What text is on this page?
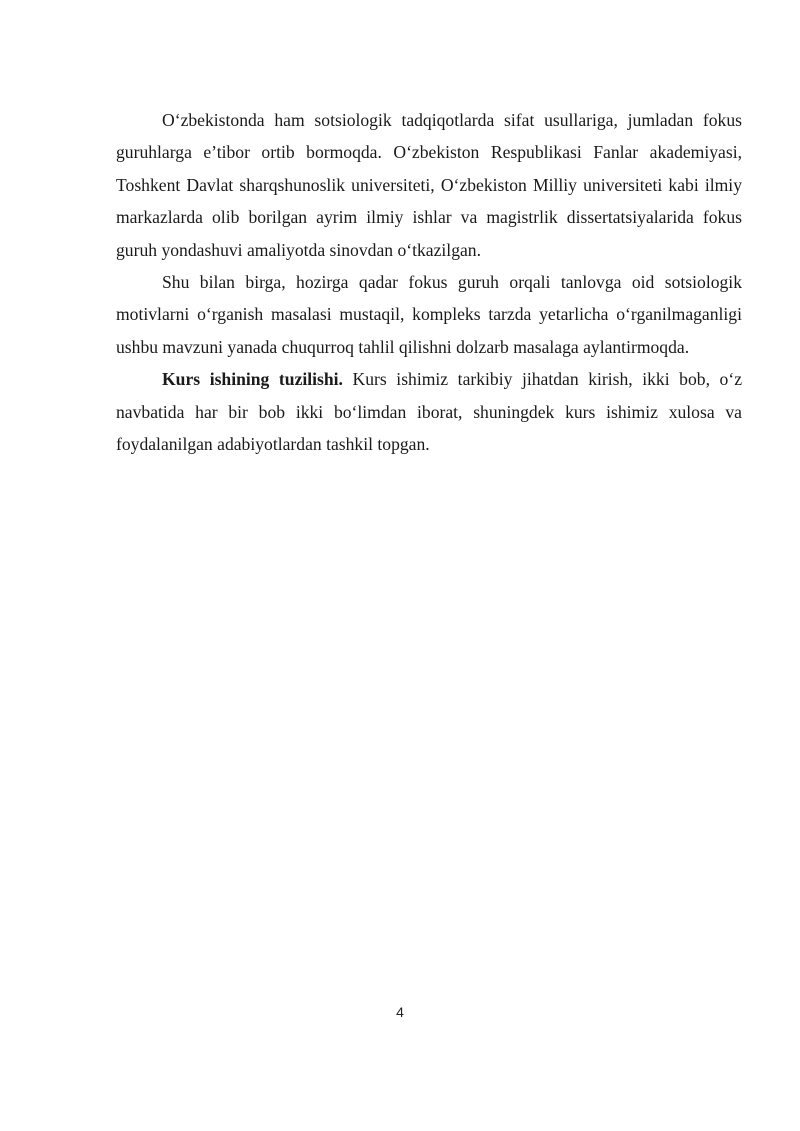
O‘zbekistonda ham sotsiologik tadqiqotlarda sifat usullariga, jumladan fokus guruhlarga e’tibor ortib bormoqda. O‘zbekiston Respublikasi Fanlar akademiyasi, Toshkent Davlat sharqshunoslik universiteti, O‘zbekiston Milliy universiteti kabi ilmiy markazlarda olib borilgan ayrim ilmiy ishlar va magistrlik dissertatsiyalarida fokus guruh yondashuvi amaliyotda sinovdan o‘tkazilgan.

Shu bilan birga, hozirga qadar fokus guruh orqali tanlovga oid sotsiologik motivlarni o‘rganish masalasi mustaqil, kompleks tarzda yetarlicha o‘rganilmaganligi ushbu mavzuni yanada chuqurroq tahlil qilishni dolzarb masalaga aylantirmoqda.

Kurs ishining tuzilishi. Kurs ishimiz tarkibiy jihatdan kirish, ikki bob, o‘z navbatida har bir bob ikki bo‘limdan iborat, shuningdek kurs ishimiz xulosa va foydalanilgan adabiyotlardan tashkil topgan.

4
